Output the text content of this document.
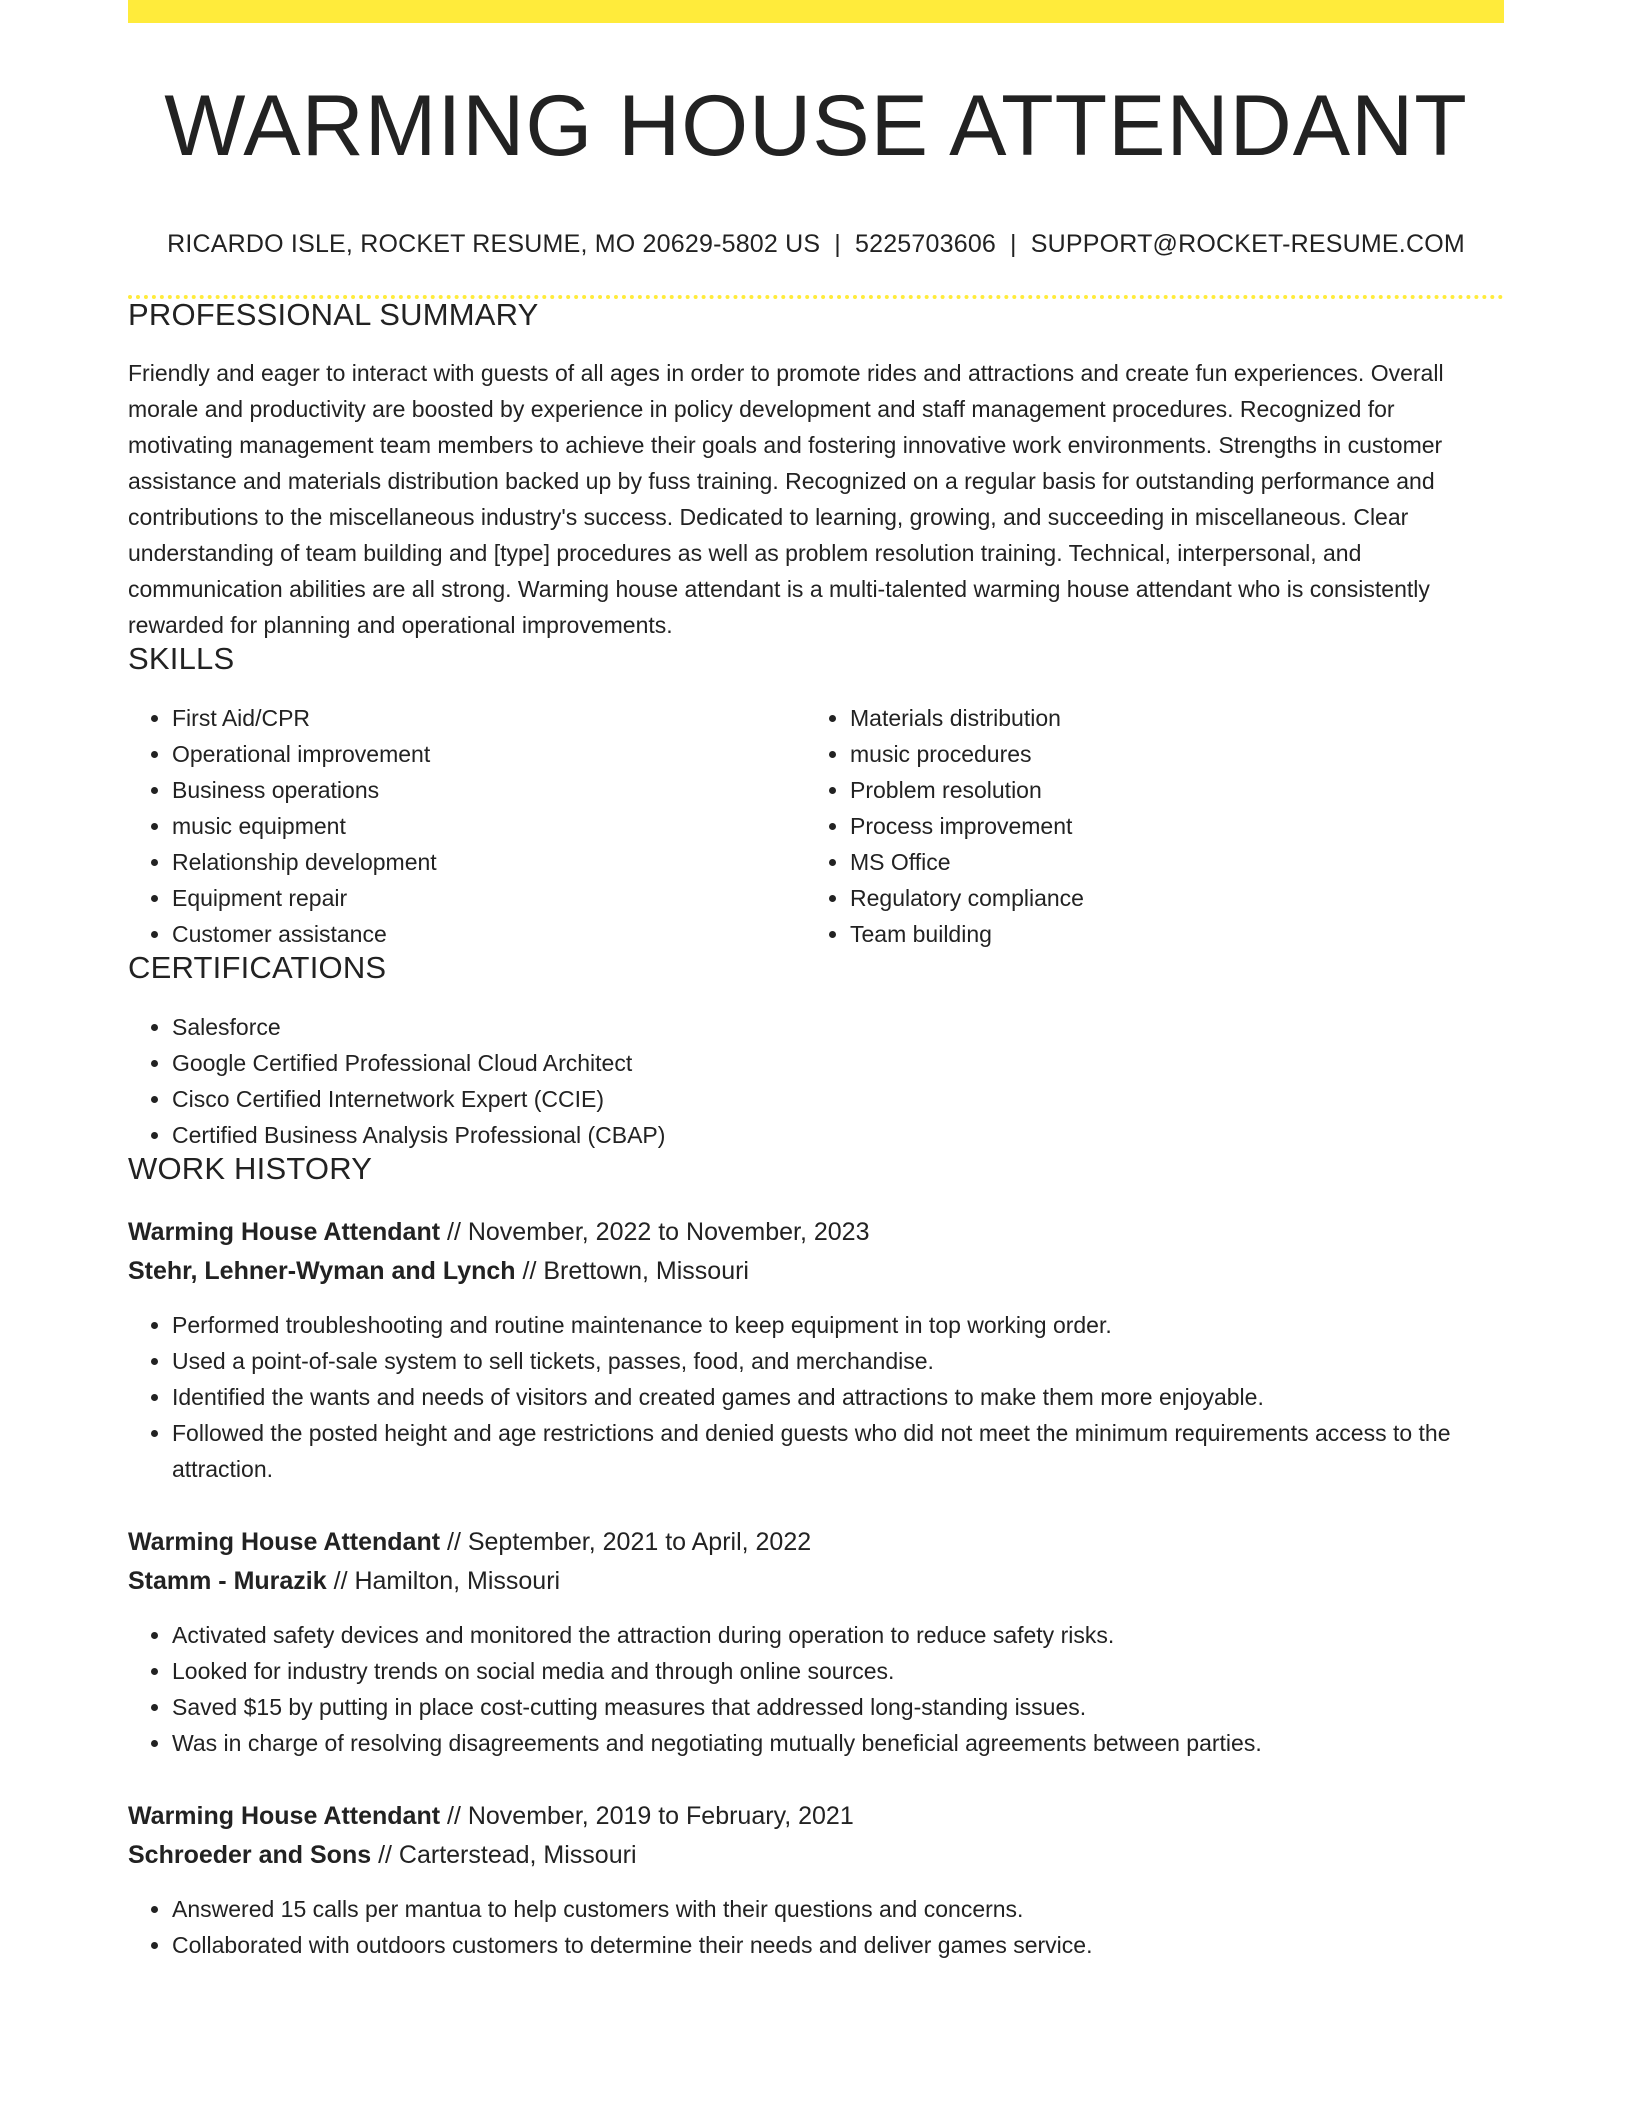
WARMING HOUSE ATTENDANT
RICARDO ISLE, ROCKET RESUME, MO 20629-5802 US | 5225703606 | SUPPORT@ROCKET-RESUME.COM
PROFESSIONAL SUMMARY

Friendly and eager to interact with guests of all ages in order to promote rides and attractions and create fun experiences. Overall morale and productivity are boosted by experience in policy development and staff management procedures. Recognized for motivating management team members to achieve their goals and fostering innovative work environments. Strengths in customer assistance and materials distribution backed up by fuss training. Recognized on a regular basis for outstanding performance and contributions to the miscellaneous industry's success. Dedicated to learning, growing, and succeeding in miscellaneous. Clear understanding of team building and [type] procedures as well as problem resolution training. Technical, interpersonal, and communication abilities are all strong. Warming house attendant is a multi-talented warming house attendant who is consistently rewarded for planning and operational improvements.

SKILLS
• First Aid/CPR
• Operational improvement
• Business operations
• music equipment
• Relationship development
• Equipment repair
• Customer assistance
• Materials distribution
• music procedures
• Problem resolution
• Process improvement
• MS Office
• Regulatory compliance
• Team building
CERTIFICATIONS
• Salesforce
• Google Certified Professional Cloud Architect
• Cisco Certified Internetwork Expert (CCIE)
• Certified Business Analysis Professional (CBAP)
WORK HISTORY
Warming House Attendant // November, 2022 to November, 2023
Stehr, Lehner-Wyman and Lynch // Brettown, Missouri
• Performed troubleshooting and routine maintenance to keep equipment in top working order.
• Used a point-of-sale system to sell tickets, passes, food, and merchandise.
• Identified the wants and needs of visitors and created games and attractions to make them more enjoyable.
• Followed the posted height and age restrictions and denied guests who did not meet the minimum requirements access to the attraction.
Warming House Attendant // September, 2021 to April, 2022
Stamm - Murazik // Hamilton, Missouri
• Activated safety devices and monitored the attraction during operation to reduce safety risks.
• Looked for industry trends on social media and through online sources.
• Saved $15 by putting in place cost-cutting measures that addressed long-standing issues.
• Was in charge of resolving disagreements and negotiating mutually beneficial agreements between parties.
Warming House Attendant // November, 2019 to February, 2021
Schroeder and Sons // Carterstead, Missouri
• Answered 15 calls per mantua to help customers with their questions and concerns.
• Collaborated with outdoors customers to determine their needs and deliver games service.
